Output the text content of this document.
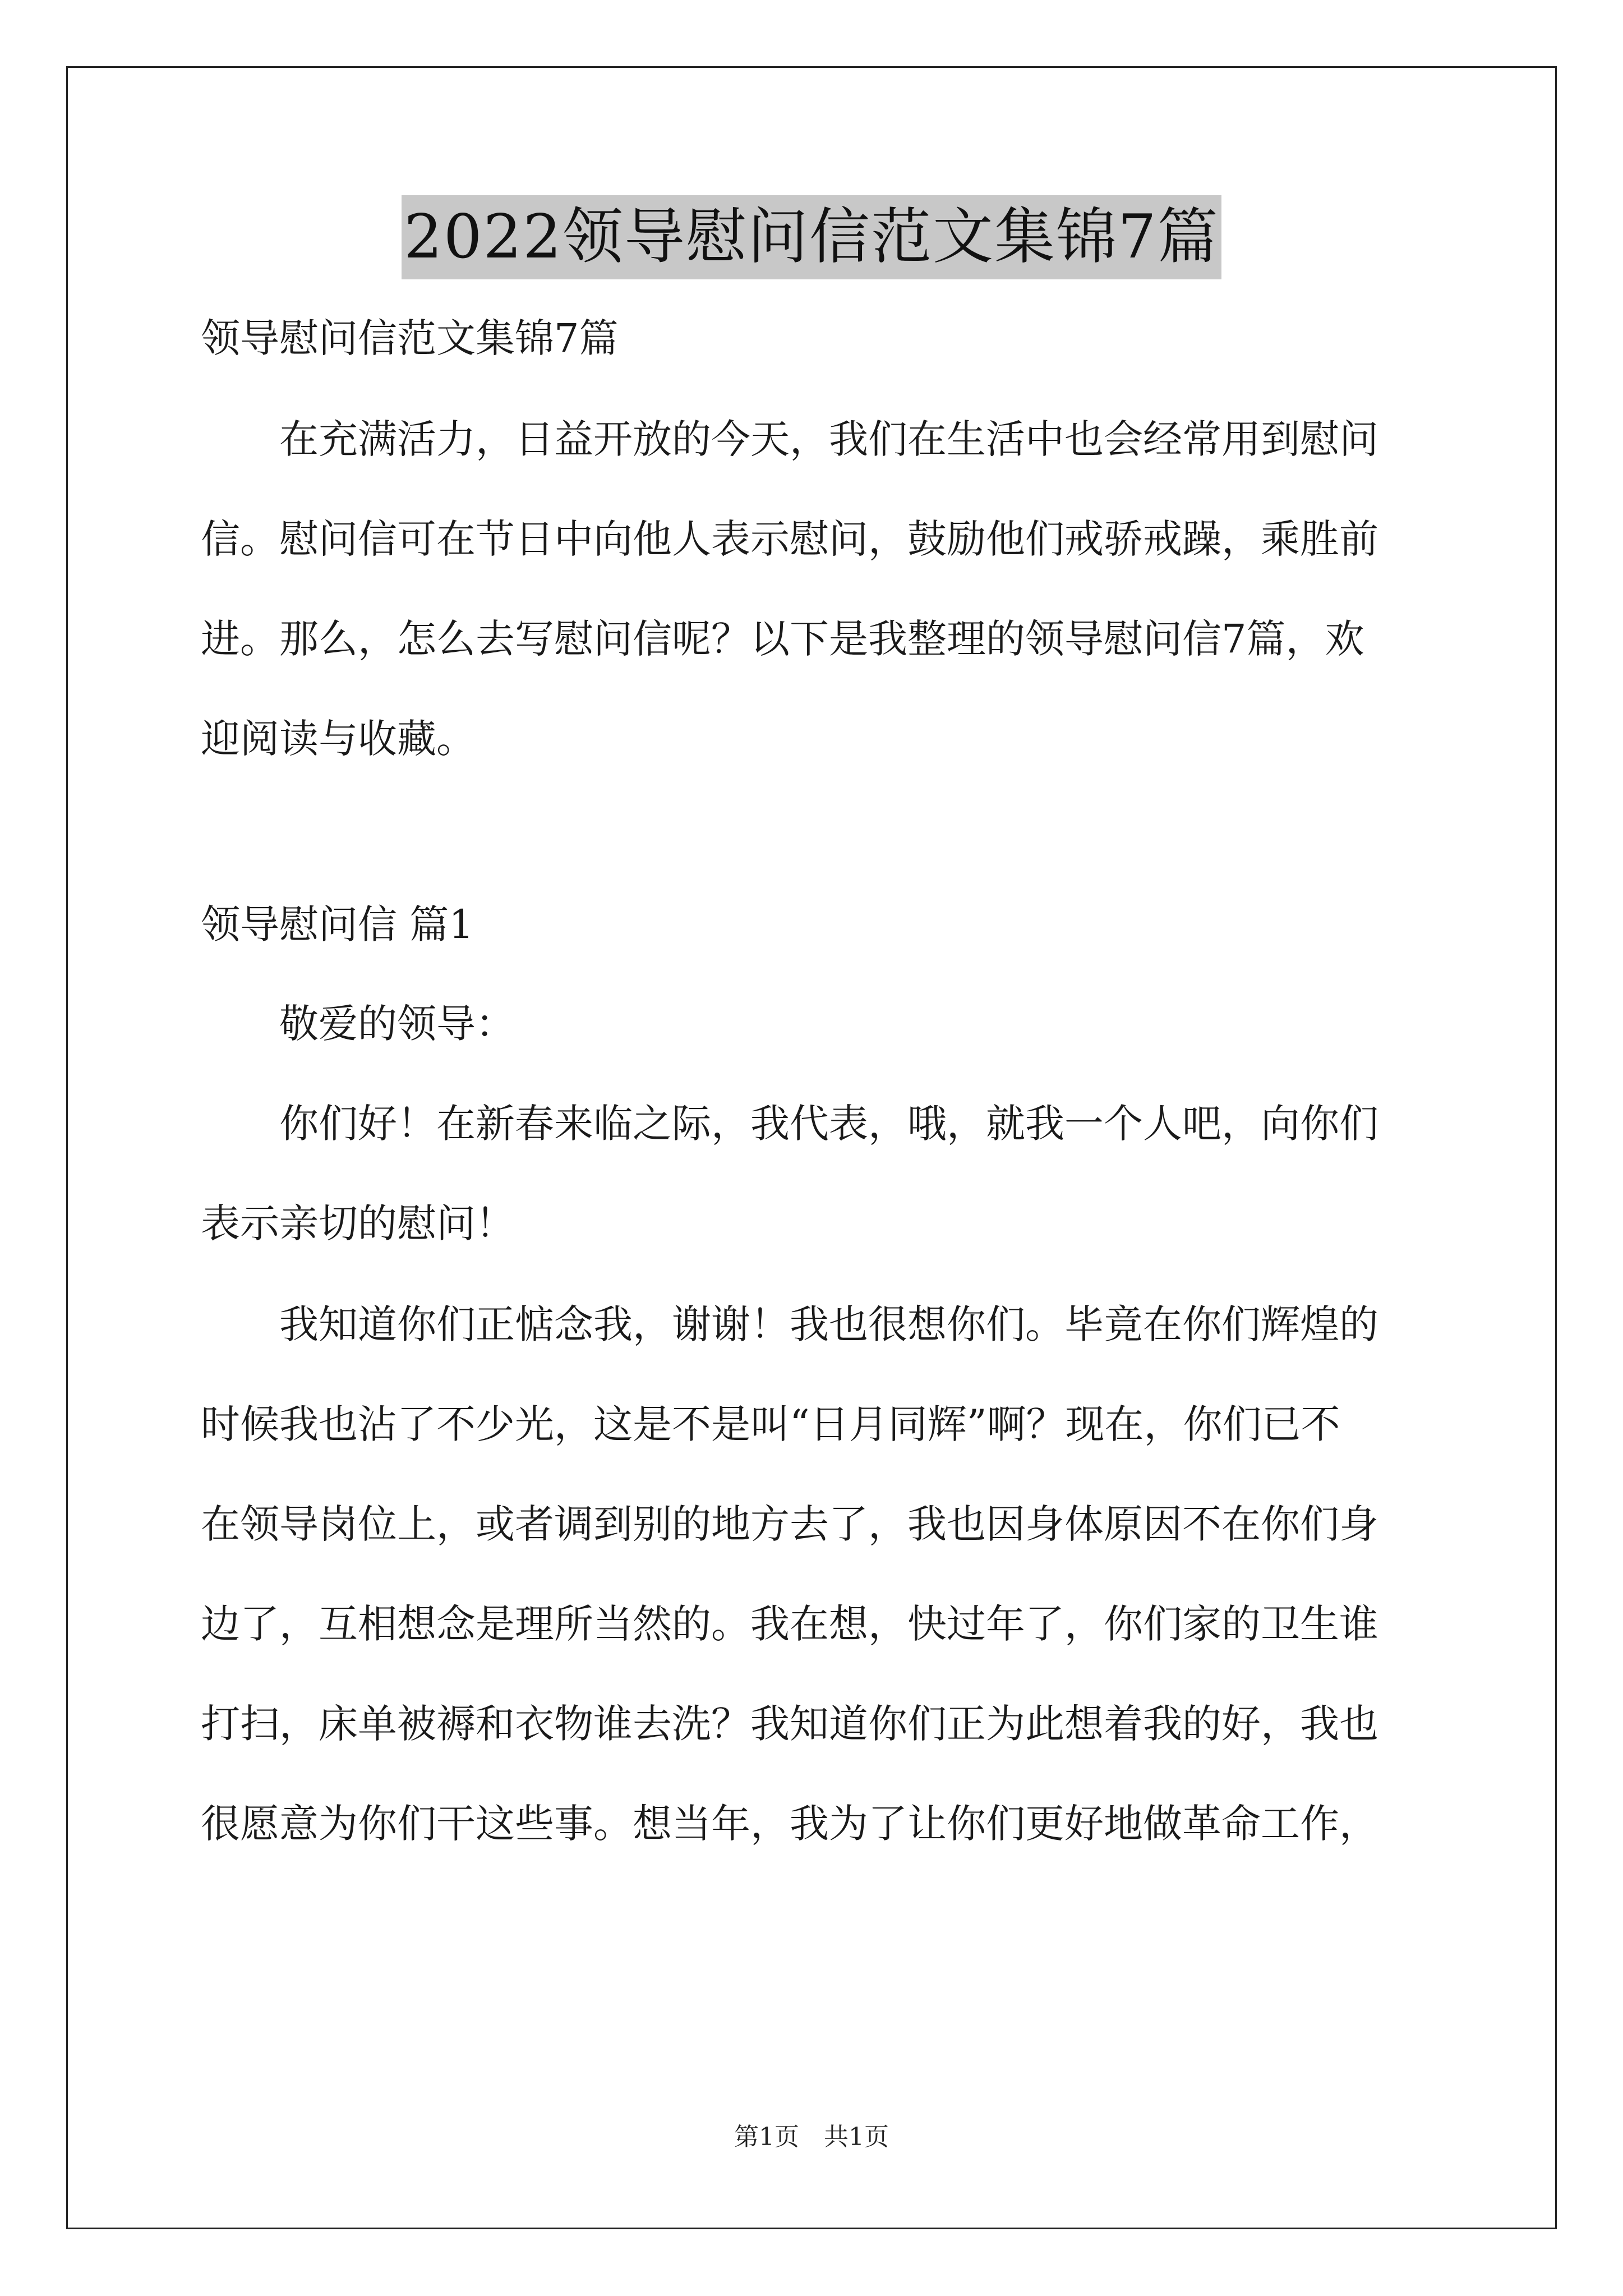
2022领导慰问信范文集锦7篇
领导慰问信范文集锦7篇
在充满活力，日益开放的今天，我们在生活中也会经常用到慰问
信。慰问信可在节日中向他人表示慰问，鼓励他们戒骄戒躁，乘胜前
进。那么，怎么去写慰问信呢？以下是我整理的领导慰问信7篇，欢
迎阅读与收藏。
领导慰问信 篇1
敬爱的领导：
你们好！在新春来临之际，我代表，哦，就我一个人吧，向你们
表示亲切的慰问！
我知道你们正惦念我，谢谢！我也很想你们。毕竟在你们辉煌的
时候我也沾了不少光，这是不是叫“日月同辉”啊？现在，你们已不
在领导岗位上，或者调到别的地方去了，我也因身体原因不在你们身
边了，互相想念是理所当然的。我在想，快过年了，你们家的卫生谁
打扫，床单被褥和衣物谁去洗？我知道你们正为此想着我的好，我也
很愿意为你们干这些事。想当年，我为了让你们更好地做革命工作，
第1页　共1页
